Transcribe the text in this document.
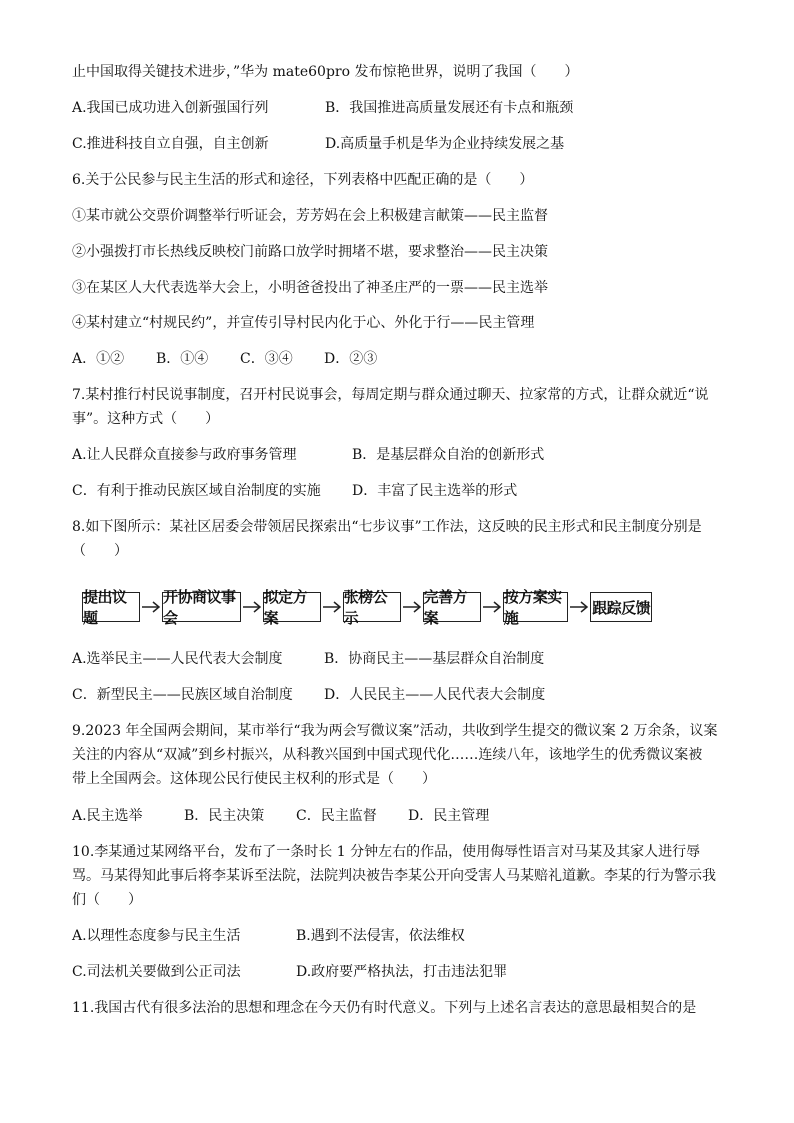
止中国取得关键技术进步，”华为 mate60pro 发布惊艳世界，说明了我国（　　）
A.我国已成功进入创新强国行列	B．我国推进高质量发展还有卡点和瓶颈
C.推进科技自立自强，自主创新	D.高质量手机是华为企业持续发展之基
6.关于公民参与民主生活的形式和途径，下列表格中匹配正确的是（　　）
①某市就公交票价调整举行听证会，芳芳妈在会上积极建言献策——民主监督
②小强拨打市长热线反映校门前路口放学时拥堵不堪，要求整治——民主决策
③在某区人大代表选举大会上，小明爸爸投出了神圣庄严的一票——民主选举
④某村建立“村规民约”，并宣传引导村民内化于心、外化于行——民主管理
A．①② B．①④ C．③④ D．②③
7.某村推行村民说事制度，召开村民说事会，每周定期与群众通过聊天、拉家常的方式，让群众就近“说
事”。这种方式（　　）
A.让人民群众直接参与政府事务管理	B．是基层群众自治的创新形式
C．有利于推动民族区域自治制度的实施 D．丰富了民主选举的形式
8.如下图所示：某社区居委会带领居民探索出“七步议事”工作法，这反映的民主形式和民主制度分别是
（　　）
提出议题
开协商议事会
拟定方案
张榜公示
完善方案
按方案实施
跟踪反馈
A.选举民主——人民代表大会制度	B．协商民主——基层群众自治制度
C．新型民主——民族区域自治制度 D．人民民主——人民代表大会制度
9.2023 年全国两会期间，某市举行“我为两会写微议案”活动，共收到学生提交的微议案 2 万余条，议案
关注的内容从“双减”到乡村振兴，从科教兴国到中国式现代化……连续八年，该地学生的优秀微议案被
带上全国两会。这体现公民行使民主权利的形式是（　　）
A.民主选举	B．民主决策 C．民主监督 D．民主管理
10.李某通过某网络平台，发布了一条时长 1 分钟左右的作品，使用侮辱性语言对马某及其家人进行辱
骂。马某得知此事后将李某诉至法院，法院判决被告李某公开向受害人马某赔礼道歉。李某的行为警示我
们（　　）
A.以理性态度参与民主生活	B.遇到不法侵害，依法维权
C.司法机关要做到公正司法	D.政府要严格执法，打击违法犯罪
11.我国古代有很多法治的思想和理念在今天仍有时代意义。下列与上述名言表达的意思最相契合的是
